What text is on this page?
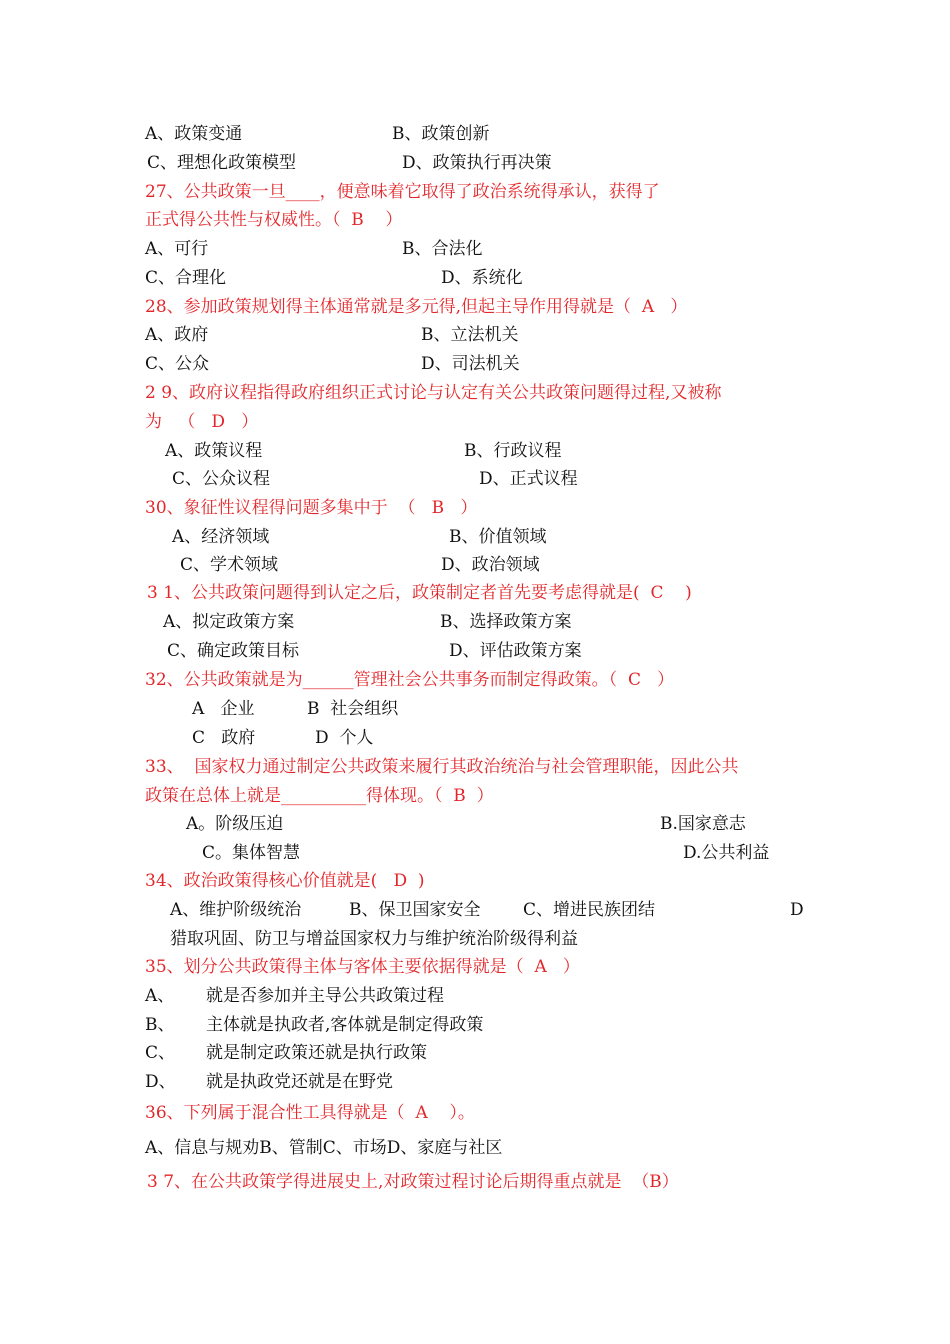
A、政策变通	B、政策创新
C、理想化政策模型	D、政策执行再决策
27、公共政策一旦____，便意味着它取得了政治系统得承认，获得了
正式得公共性与权威性。（  B    ）
A、可行	B、合法化
C、合理化	D、系统化
28、参加政策规划得主体通常就是多元得,但起主导作用得就是（  A   ）
A、政府	B、立法机关
C、公众	D、司法机关
2 9、政府议程指得政府组织正式讨论与认定有关公共政策问题得过程,又被称
为   （   D   ）
A、政策议程	B、行政议程
C、公众议程	D、正式议程
30、象征性议程得问题多集中于  （   B   ）
A、经济领域	B、价值领域
C、学术领域	D、政治领域
3 1、公共政策问题得到认定之后，政策制定者首先要考虑得就是(  C    )
A、拟定政策方案	B、选择政策方案
C、确定政策目标	D、评估政策方案
32、公共政策就是为______管理社会公共事务而制定得政策。（  C   ）
A   企业	B  社会组织
C   政府	D  个人
33、  国家权力通过制定公共政策来履行其政治统治与社会管理职能，因此公共
政策在总体上就是__________得体现。（  B  ）
A。阶级压迫	B.国家意志
C。集体智慧	D.公共利益
34、政治政策得核心价值就是(   D  )
A、维护阶级统治	B、保卫国家安全	C、增进民族团结	D
猎取巩固、防卫与增益国家权力与维护统治阶级得利益
35、划分公共政策得主体与客体主要依据得就是（  A   ）
A、 就是否参加并主导公共政策过程
B、 主体就是执政者,客体就是制定得政策
C、 就是制定政策还就是执行政策
D、 就是执政党还就是在野党
36、下列属于混合性工具得就是（  A    ）。
A、信息与规劝B、管制C、市场D、家庭与社区
3 7、在公共政策学得进展史上,对政策过程讨论后期得重点就是  （B）
